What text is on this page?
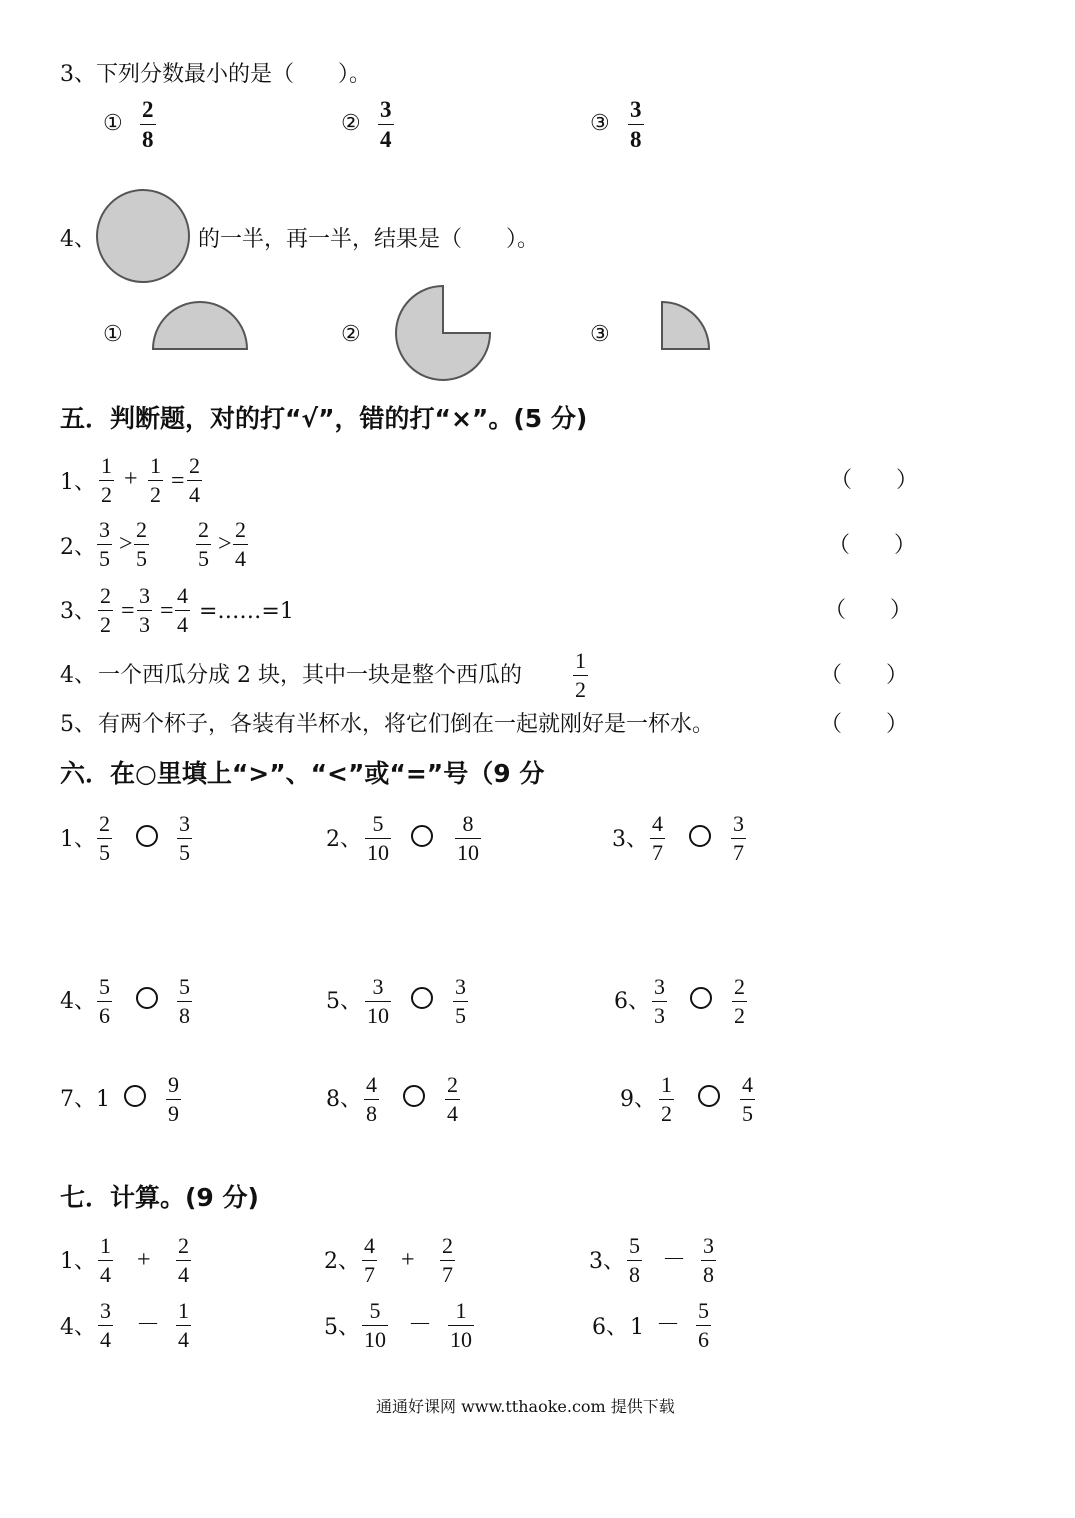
3、下列分数最小的是（　　）。
① $\frac{2}{8}$	② $\frac{3}{4}$	③ $\frac{3}{8}$
4、	的一半，再一半，结果是（　　）。
①	②	③
五．判断题，对的打“√”，错的打“×”。(5 分)
1、 $\frac{1}{2} + \frac{1}{2} = \frac{2}{4}$	（　　）
2、 $\frac{3}{5} > \frac{2}{5} \frac{2}{5} > \frac{2}{4}$	（　　）
3、 $\frac{2}{2} = \frac{3}{3} = \frac{4}{4}$ =……=1	（　　）
4、 一个西瓜分成 2 块，其中一块是整个西瓜的 $\frac{1}{2}$	（　　）
5、 有两个杯子，各装有半杯水，将它们倒在一起就刚好是一杯水。	（　　）
六．在○里填上“>”、“<”或“=”号（9 分
1、 $\frac{2}{5}$	$\frac{3}{5}$	2、 $\frac{5}{10}$	$\frac{8}{10}$	3、 $\frac{4}{7}$	$\frac{3}{7}$
4、 $\frac{5}{6}$	$\frac{5}{8}$	5、 $\frac{3}{10}$	$\frac{3}{5}$	6、 $\frac{3}{3}$	$\frac{2}{2}$
7、 1	$\frac{9}{9}$	8、 $\frac{4}{8}$	$\frac{2}{4}$	9、 $\frac{1}{2}$	$\frac{4}{5}$
七．计算。(9 分)
1、 $\frac{1}{4} + \frac{2}{4}$	2、 $\frac{4}{7} + \frac{2}{7}$	3、 $\frac{5}{8} - \frac{3}{8}$
4、 $\frac{3}{4} - \frac{1}{4}$	5、 $\frac{5}{10} - \frac{1}{10}$	6、 $1 - \frac{5}{6}$
通通好课网 www.tthaoke.com 提供下载
